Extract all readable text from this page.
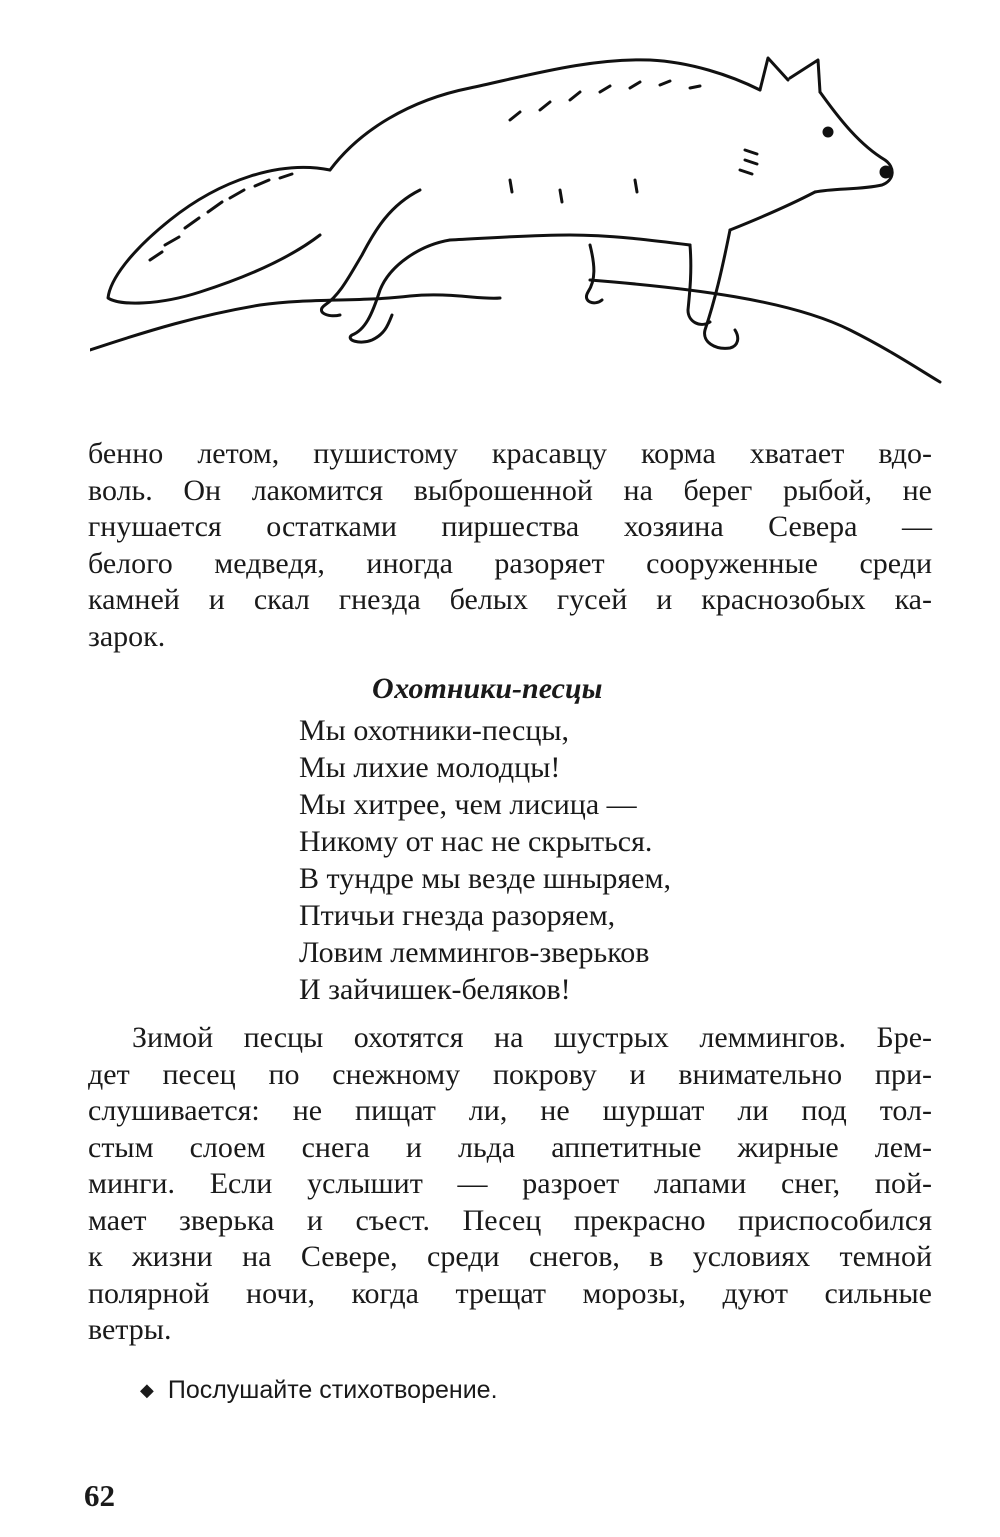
бенно летом, пушистому красавцу корма хватает вдо-
воль. Он лакомится выброшенной на берег рыбой, не
гнушается остатками пиршества хозяина Севера —
белого медведя, иногда разоряет сооруженные среди
камней и скал гнезда белых гусей и краснозобых ка-
зарок.
Охотники-песцы
Мы охотники-песцы,
Мы лихие молодцы!
Мы хитрее, чем лисица —
Никому от нас не скрыться.
В тундре мы везде шныряем,
Птичьи гнезда разоряем,
Ловим леммингов-зверьков
И зайчишек-беляков!
Зимой песцы охотятся на шустрых леммингов. Бре-
дет песец по снежному покрову и внимательно при-
слушивается: не пищат ли, не шуршат ли под тол-
стым слоем снега и льда аппетитные жирные лем-
минги. Если услышит — разроет лапами снег, пой-
мает зверька и съест. Песец прекрасно приспособился
к жизни на Севере, среди снегов, в условиях темной
полярной ночи, когда трещат морозы, дуют сильные
ветры.
◆ Послушайте стихотворение.
62
